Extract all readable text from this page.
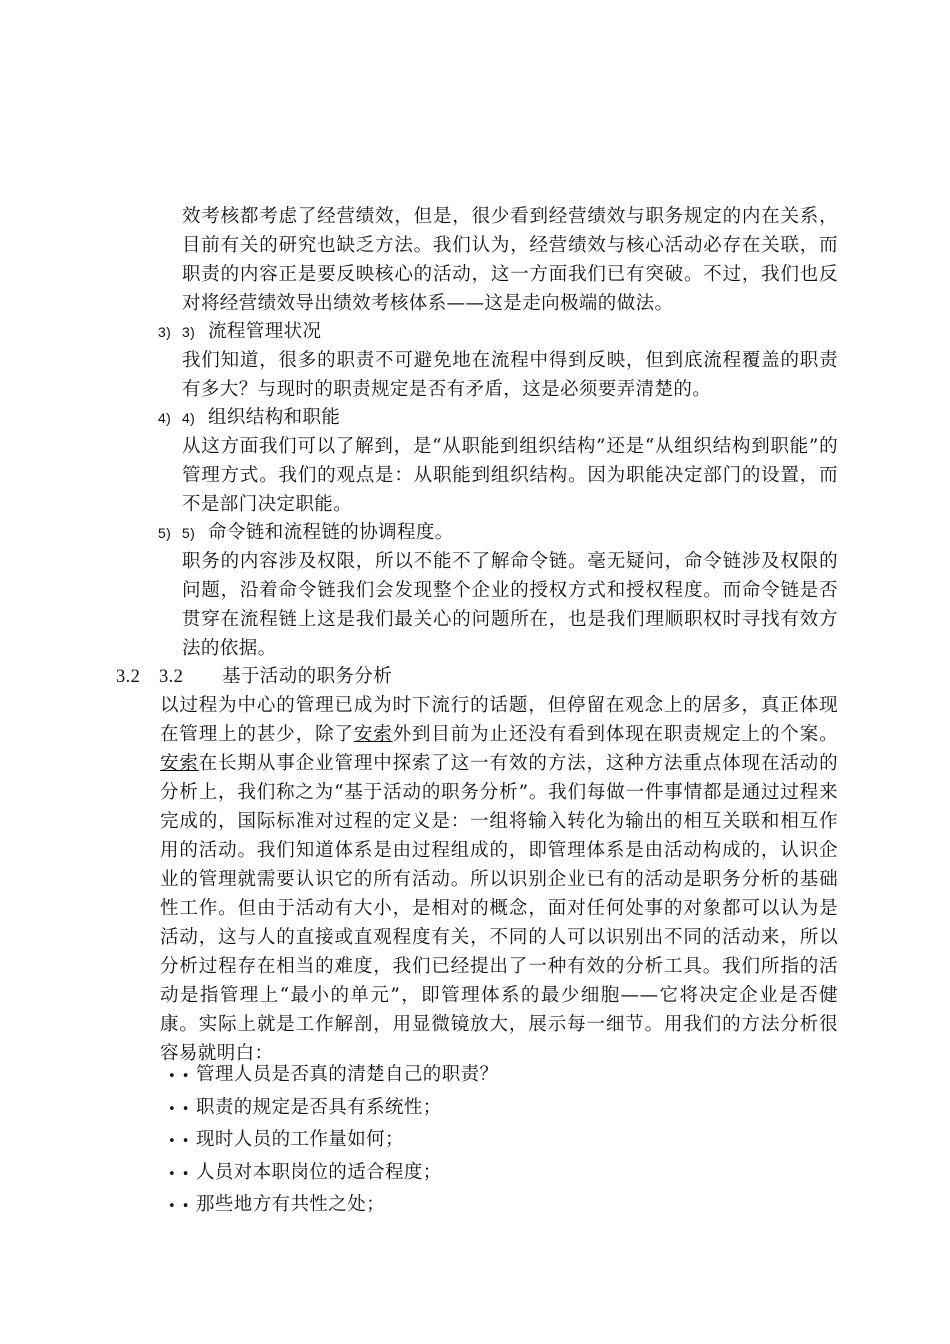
效考核都考虑了经营绩效，但是，很少看到经营绩效与职务规定的内在关系，目前有关的研究也缺乏方法。我们认为，经营绩效与核心活动必存在关联，而职责的内容正是要反映核心的活动，这一方面我们已有突破。不过，我们也反对将经营绩效导出绩效考核体系——这是走向极端的做法。
3) 3) 流程管理状况
我们知道，很多的职责不可避免地在流程中得到反映，但到底流程覆盖的职责有多大？与现时的职责规定是否有矛盾，这是必须要弄清楚的。
4) 4) 组织结构和职能
从这方面我们可以了解到，是“从职能到组织结构”还是“从组织结构到职能”的管理方式。我们的观点是：从职能到组织结构。因为职能决定部门的设置，而不是部门决定职能。
5) 5) 命令链和流程链的协调程度。
职务的内容涉及权限，所以不能不了解命令链。毫无疑问，命令链涉及权限的问题，沿着命令链我们会发现整个企业的授权方式和授权程度。而命令链是否贯穿在流程链上这是我们最关心的问题所在，也是我们理顺职权时寻找有效方法的依据。
3.2 3.2 基于活动的职务分析
以过程为中心的管理已成为时下流行的话题，但停留在观念上的居多，真正体现在管理上的甚少，除了安索外到目前为止还没有看到体现在职责规定上的个案。安索在长期从事企业管理中探索了这一有效的方法，这种方法重点体现在活动的分析上，我们称之为“基于活动的职务分析”。我们每做一件事情都是通过过程来完成的，国际标准对过程的定义是：一组将输入转化为输出的相互关联和相互作用的活动。我们知道体系是由过程组成的，即管理体系是由活动构成的，认识企业的管理就需要认识它的所有活动。所以识别企业已有的活动是职务分析的基础性工作。但由于活动有大小，是相对的概念，面对任何处事的对象都可以认为是活动，这与人的直接或直观程度有关，不同的人可以识别出不同的活动来，所以分析过程存在相当的难度，我们已经提出了一种有效的分析工具。我们所指的活动是指管理上“最小的单元”，即管理体系的最少细胞——它将决定企业是否健康。实际上就是工作解剖，用显微镜放大，展示每一细节。用我们的方法分析很容易就明白：
• • 管理人员是否真的清楚自己的职责？
• • 职责的规定是否具有系统性；
• • 现时人员的工作量如何；
• • 人员对本职岗位的适合程度；
• • 那些地方有共性之处；
